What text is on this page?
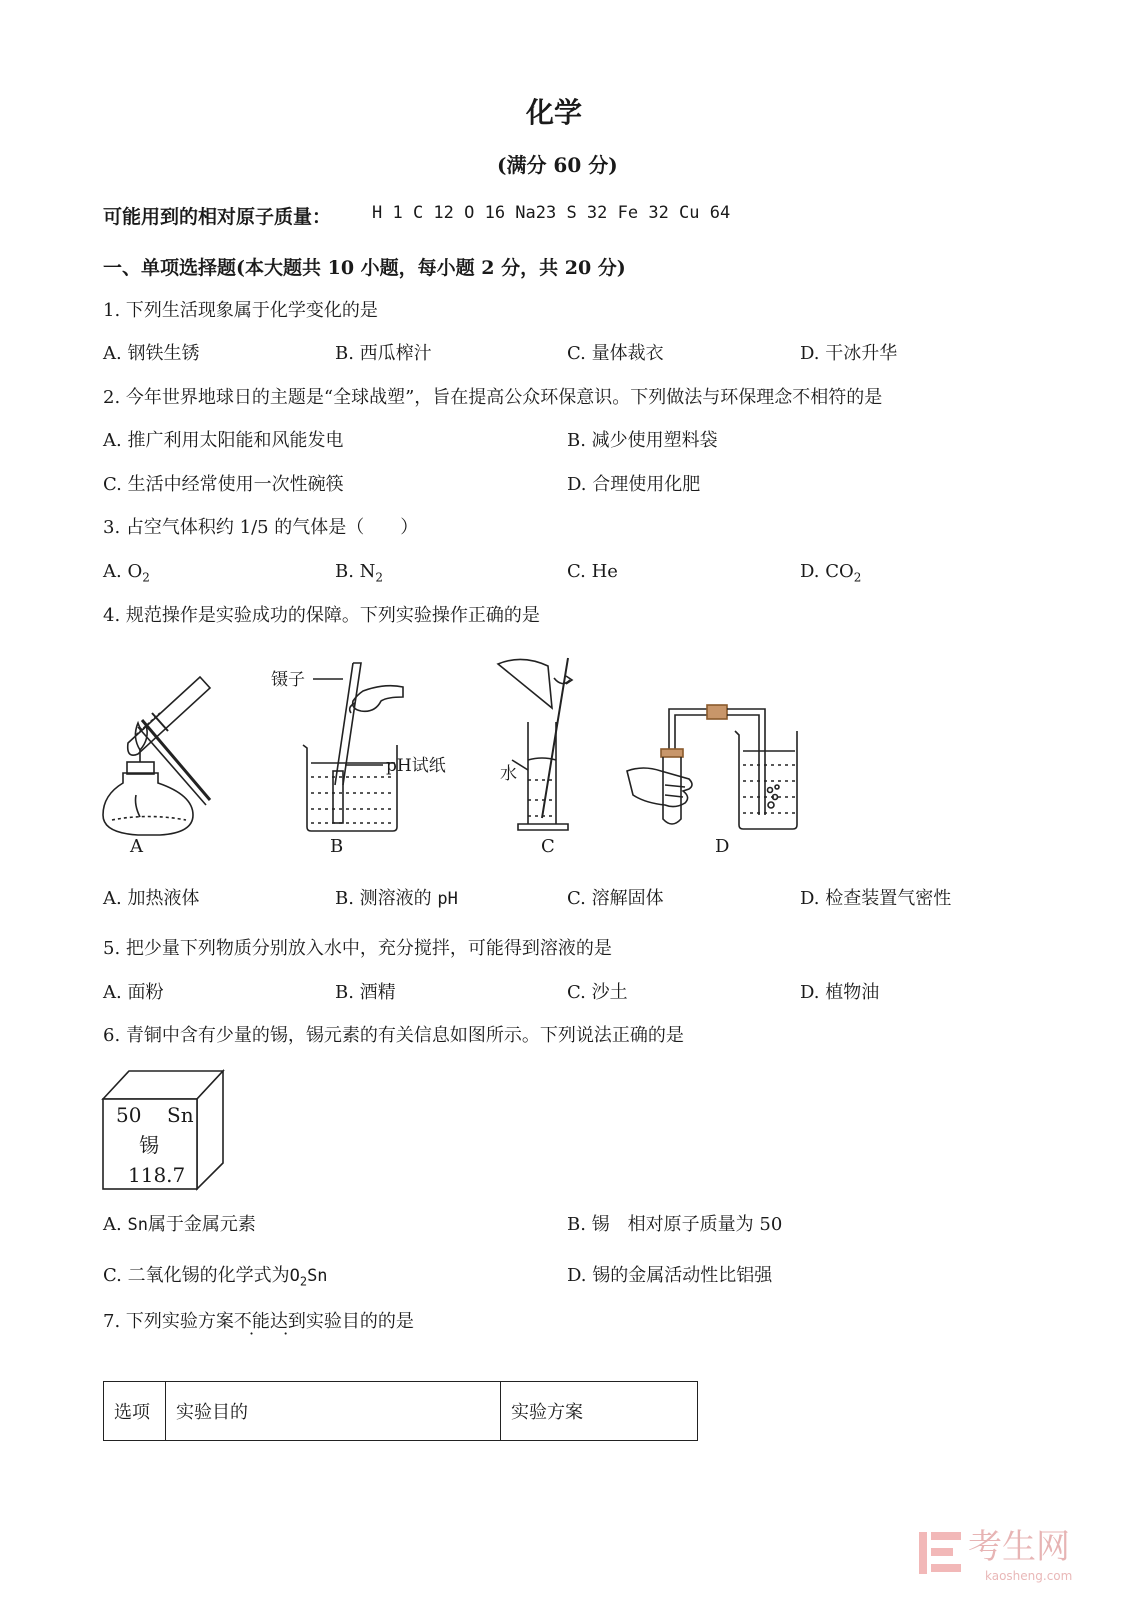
化学
(满分 60 分)
可能用到的相对原子质量： H 1 C 12 O 16 Na23 S 32 Fe 32 Cu 64
一、单项选择题(本大题共 10 小题，每小题 2 分，共 20 分)
1. 下列生活现象属于化学变化的是
A. 钢铁生锈	B. 西瓜榨汁	C. 量体裁衣	D. 干冰升华
2. 今年世界地球日的主题是“全球战塑”，旨在提高公众环保意识。下列做法与环保理念不相符的是
A. 推广利用太阳能和风能发电	B. 减少使用塑料袋
C. 生活中经常使用一次性碗筷	D. 合理使用化肥
3. 占空气体积约 1/5 的气体是（　　）
A. $O_2$	B. $N_2$	C. He	D. $CO_2$
4. 规范操作是实验成功的保障。下列实验操作正确的是
A
镊子
pH试纸
B
水
C	D
A. 加热液体	B. 测溶液的 pH	C. 溶解固体	D. 检查装置气密性
5. 把少量下列物质分别放入水中，充分搅拌，可能得到溶液的是
A. 面粉	B. 酒精	C. 沙土	D. 植物油
6. 青铜中含有少量的锡，锡元素的有关信息如图所示。下列说法正确的是
50 Sn
锡
118.7
A. Sn属于金属元素	B. 锡　相对原子质量为 50
C. 二氧化锡的化学式为$O_2Sn$	D. 锡的金属活动性比铝强
7. 下列实验方案不能达到实验目的的是
· ·
选项	实验目的	实验方案
考生网
kaosheng.com
